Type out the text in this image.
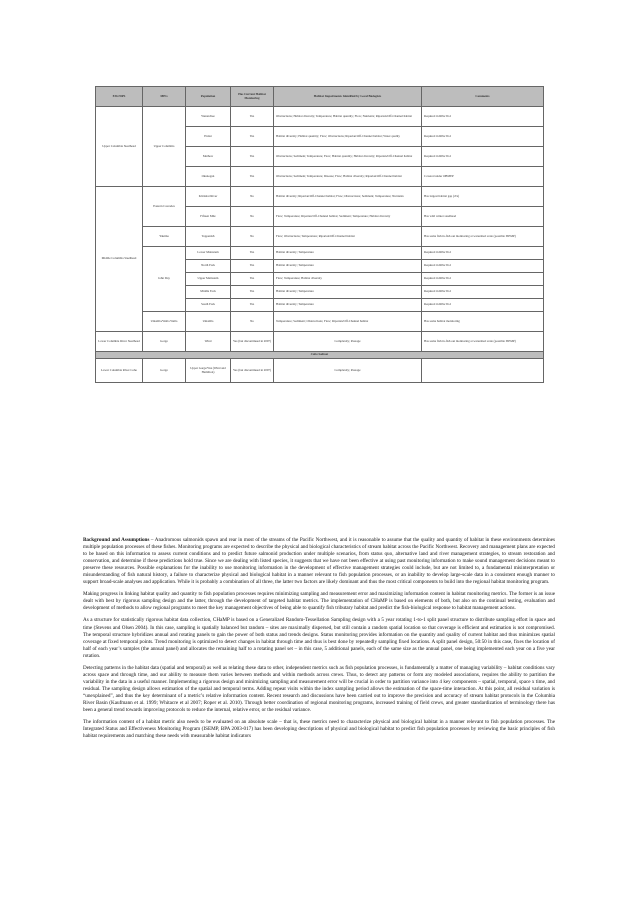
ESU/DPS	MPG	Population	Has Current Habitat Monitoring	Habitat Impairments Identified by Local Biologists	Comments
Upper Columbia Steelhead	Upper Columbia	Wenatchee	Yes	Obstructions; Habitat diversity; Temperature; Habitat quantity; Flow; Nutrients; Riparian/Off-Channel habitat	Required in RPA 56.2
		Entiat	Yes	Habitat diversity; Habitat quantity; Flow; Obstructions; Riparian/Off-Channel habitat; Water quality	Required in RPA 56.2
		Methow	Yes	Obstructions; Sediment; Temperature; Flow; Habitat quantity; Habitat diversity; Riparian/Off-Channel habitat	Required in RPA 56.2
		Okanogan	Yes	Obstructions; Sediment; Temperature; Disease; Flow; Habitat diversity; Riparian/Off-Channel habitat	Covered under OBMEP
Middle Columbia Steelhead	Eastern Cascades	Klickitat River	No	Habitat diversity; Riparian/Off-Channel habitat; Flow; Obstructions; Sediment; Temperature; Nutrients	Has largest habitat gap (4%)
		Fifteen Mile	No	Flow; Temperature; Riparian/Off-Channel habitat; Sediment; Temperature; Habitat diversity	Has wild winter steelhead
	Yakima	Toppenish	No	Flow; Obstructions; Temperature; Riparian/Off-Channel habitat	Has some fish in-fish out monitoring at watershed scale (possible ISEMP)
	John Day	Lower Mainstem	Yes	Habitat diversity; Temperature	Required in RPA 56.2
		North Fork	Yes	Habitat diversity; Temperature	Required in RPA 56.2
		Upper Mainstem	Yes	Flow; Temperature; Habitat diversity	Required in RPA 56.2
		Middle Fork	Yes	Habitat diversity; Temperature	Required in RPA 56.2
		South Fork	Yes	Habitat diversity; Temperature	Required in RPA 56.2
	Umatilla/Walla Walla	Umatilla	No	Temperature; Sediment; Obstructions; Flow; Riparian/Off-Channel habitat	Has some habitat monitoring
Lower Columbia River Steelhead	Gorge	Wind	Yes (but discontinued in 2007)	Complexity; Passage	Has some fish in-fish out monitoring at watershed scale (possible ISEMP)
Coho Salmon					
Lower Columbia River Coho	Gorge	Upper Gorge/WA (Wind and Hamilton)	Yes (but discontinued in 2007)	Complexity; Passage	

Background and Assumptions – Anadromous salmonids spawn and rear in most of the streams of the Pacific Northwest, and it is reasonable to assume that the quality and quantity of habitat in these environments determines multiple population processes of these fishes. Monitoring programs are expected to describe the physical and biological characteristics of stream habitat across the Pacific Northwest. Recovery and management plans are expected to be based on this information to assess current conditions and to predict future salmonid production under multiple scenarios, from status quo, alternative land and river management strategies, to stream restoration and conservation, and determine if these predictions hold true. Since we are dealing with listed species, it suggests that we have not been effective at using past monitoring information to make sound management decisions meant to preserve these resources. Possible explanations for the inability to use monitoring information in the development of effective management strategies could include, but are not limited to, a fundamental misinterpretation or misunderstanding of fish natural history, a failure to characterize physical and biological habitat in a manner relevant to fish population processes, or an inability to develop large-scale data in a consistent enough manner to support broad-scale analyses and application. While it is probably a combination of all three, the latter two factors are likely dominant and thus the most critical components to build into the regional habitat monitoring program.

Making progress in linking habitat quality and quantity to fish population processes requires minimizing sampling and measurement error and maximizing information content in habitat monitoring metrics. The former is an issue dealt with best by rigorous sampling design and the latter, through the development of targeted habitat metrics. The implementation of CHaMP is based on elements of both, but also on the continual testing, evaluation and development of methods to allow regional programs to meet the key management objectives of being able to quantify fish tributary habitat and predict the fish-biological response to habitat management actions.

As a structure for statistically rigorous habitat data collection, CHaMP is based on a Generalized Random-Tessellation Sampling design with a 5 year rotating 1-to-1 split panel structure to distribute sampling effort in space and time (Stevens and Olsen 2004). In this case, sampling is spatially balanced but random – sites are maximally dispersed, but still contain a random spatial location so that coverage is efficient and estimation is not compromised. The temporal structure hybridizes annual and rotating panels to gain the power of both status and trends designs. Status monitoring provides information on the quantity and quality of current habitat and thus minimizes spatial coverage at fixed temporal points. Trend monitoring is optimized to detect changes in habitat through time and thus is best done by repeatedly sampling fixed locations. A split panel design, 50:50 in this case, fixes the location of half of each year’s samples (the annual panel) and allocates the remaining half to a rotating panel set – in this case, 5 additional panels, each of the same size as the annual panel, one being implemented each year on a five year rotation.

Detecting patterns in the habitat data (spatial and temporal) as well as relating these data to other, independent metrics such as fish population processes, is fundamentally a matter of managing variability – habitat conditions vary across space and through time, and our ability to measure them varies between methods and within methods across crews. Thus, to detect any patterns or form any modeled associations, requires the ability to partition the variability in the data in a useful manner. Implementing a rigorous design and minimizing sampling and measurement error will be crucial in order to partition variance into 4 key components – spatial, temporal, space x time, and residual. The sampling design allows estimation of the spatial and temporal terms. Adding repeat visits within the index sampling period allows the estimation of the space-time interaction. At this point, all residual variation is “unexplained”, and thus the key determinant of a metric’s relative information content. Recent research and discussions have been carried out to improve the precision and accuracy of stream habitat protocols in the Columbia River Basin (Kaufmann et al. 1999; Whitacre et al 2007; Roper et al. 2010). Through better coordination of regional monitoring programs, increased training of field crews, and greater standardization of terminology there has been a general trend towards improving protocols to reduce the internal, relative error, or the residual variance.

The information content of a habitat metric also needs to be evaluated on an absolute scale – that is, these metrics need to characterize physical and biological habitat in a manner relevant to fish population processes. The Integrated Status and Effectiveness Monitoring Program (ISEMP, BPA 2003-017) has been developing descriptions of physical and biological habitat to predict fish population processes by reviewing the basic principles of fish habitat requirements and matching these needs with measurable habitat indicators
